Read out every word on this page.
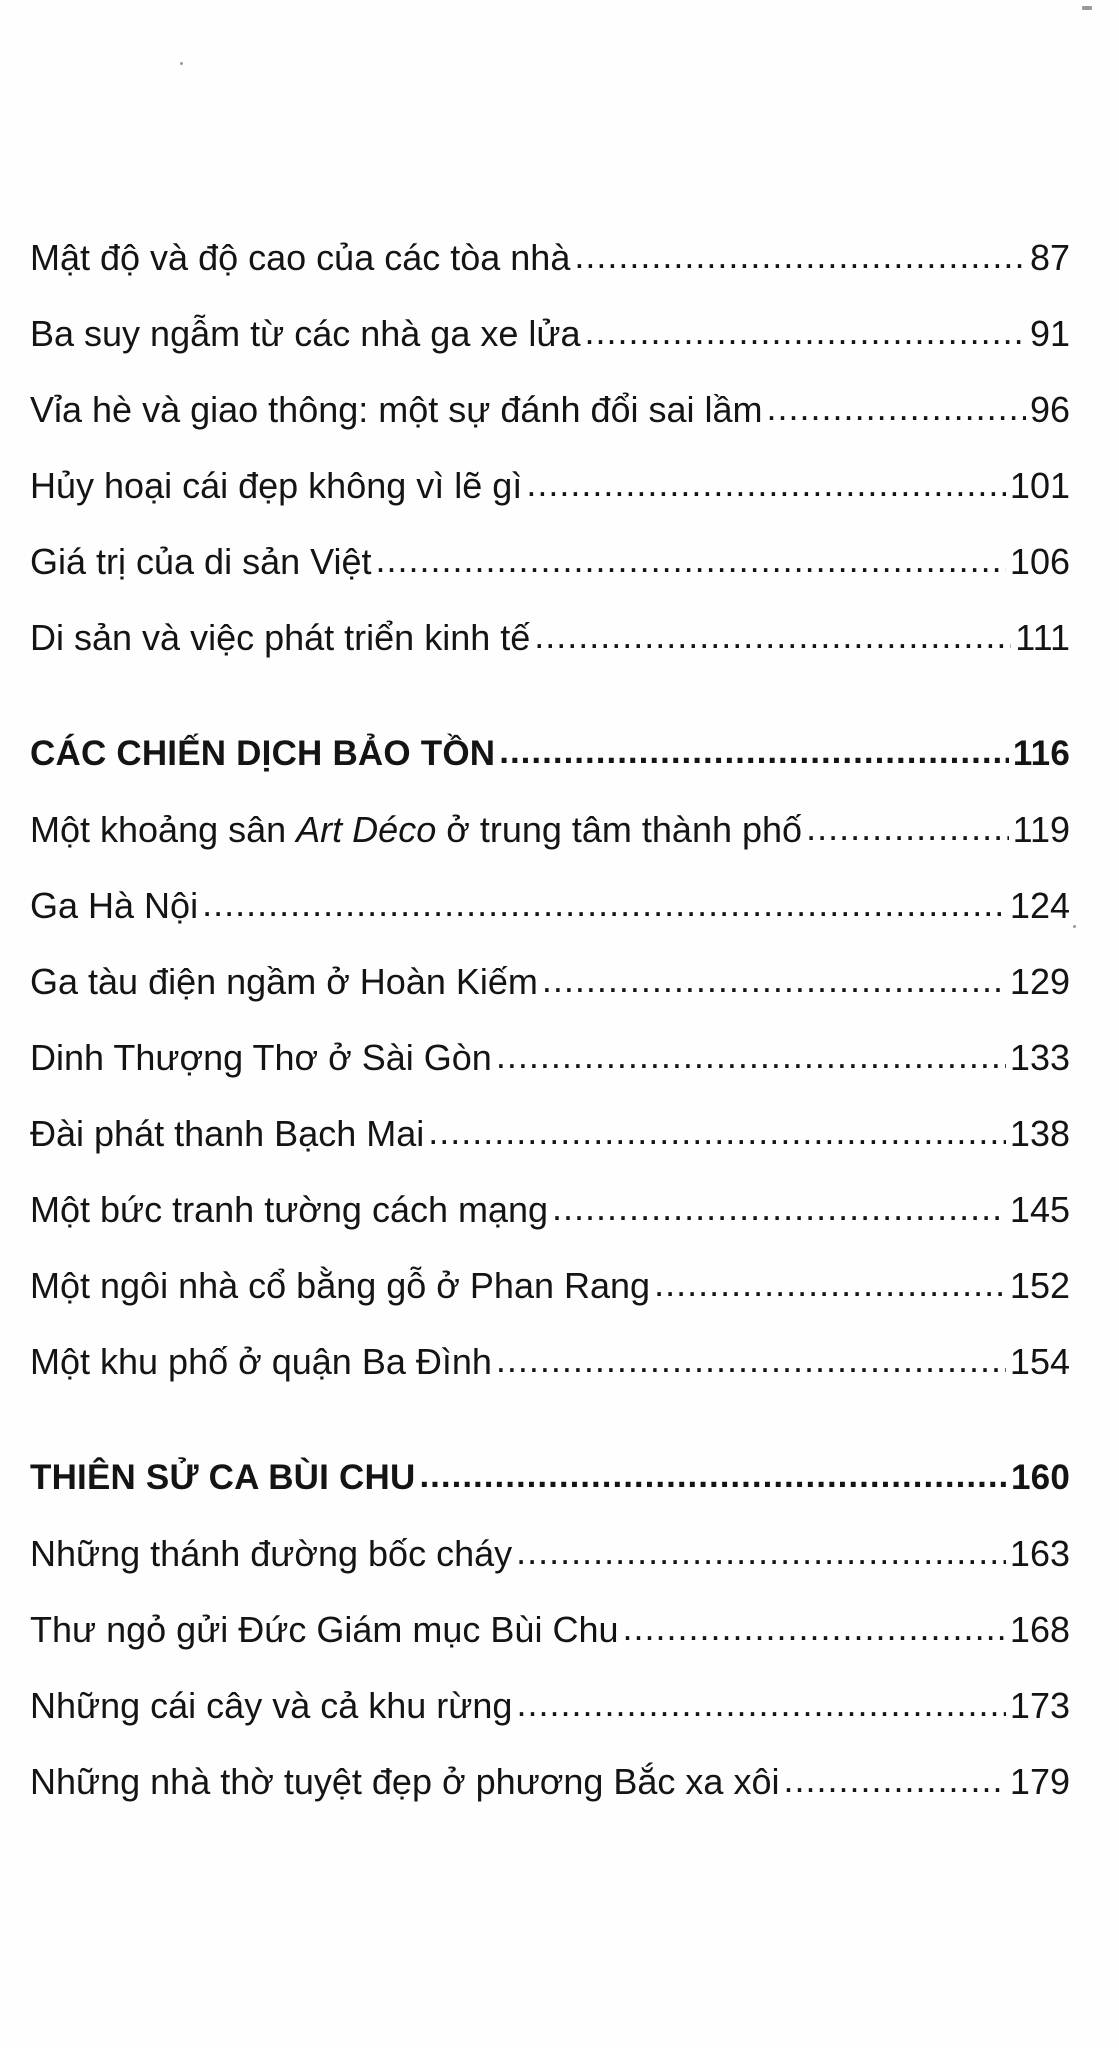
Mật độ và độ cao của các tòa nhà .....	87
Ba suy ngẫm từ các nhà ga xe lửa .....	91
Vỉa hè và giao thông: một sự đánh đổi sai lầm .....	96
Hủy hoại cái đẹp không vì lẽ gì .....	101
Giá trị của di sản Việt .....	106
Di sản và việc phát triển kinh tế .....	111
CÁC CHIẾN DỊCH BẢO TỒN .....	116
Một khoảng sân Art Déco ở trung tâm thành phố .....	119
Ga Hà Nội .....	124
Ga tàu điện ngầm ở Hoàn Kiếm .....	129
Dinh Thượng Thơ ở Sài Gòn .....	133
Đài phát thanh Bạch Mai .....	138
Một bức tranh tường cách mạng .....	145
Một ngôi nhà cổ bằng gỗ ở Phan Rang .....	152
Một khu phố ở quận Ba Đình .....	154
THIÊN SỬ CA BÙI CHU .....	160
Những thánh đường bốc cháy .....	163
Thư ngỏ gửi Đức Giám mục Bùi Chu .....	168
Những cái cây và cả khu rừng .....	173
Những nhà thờ tuyệt đẹp ở phương Bắc xa xôi .....	179
